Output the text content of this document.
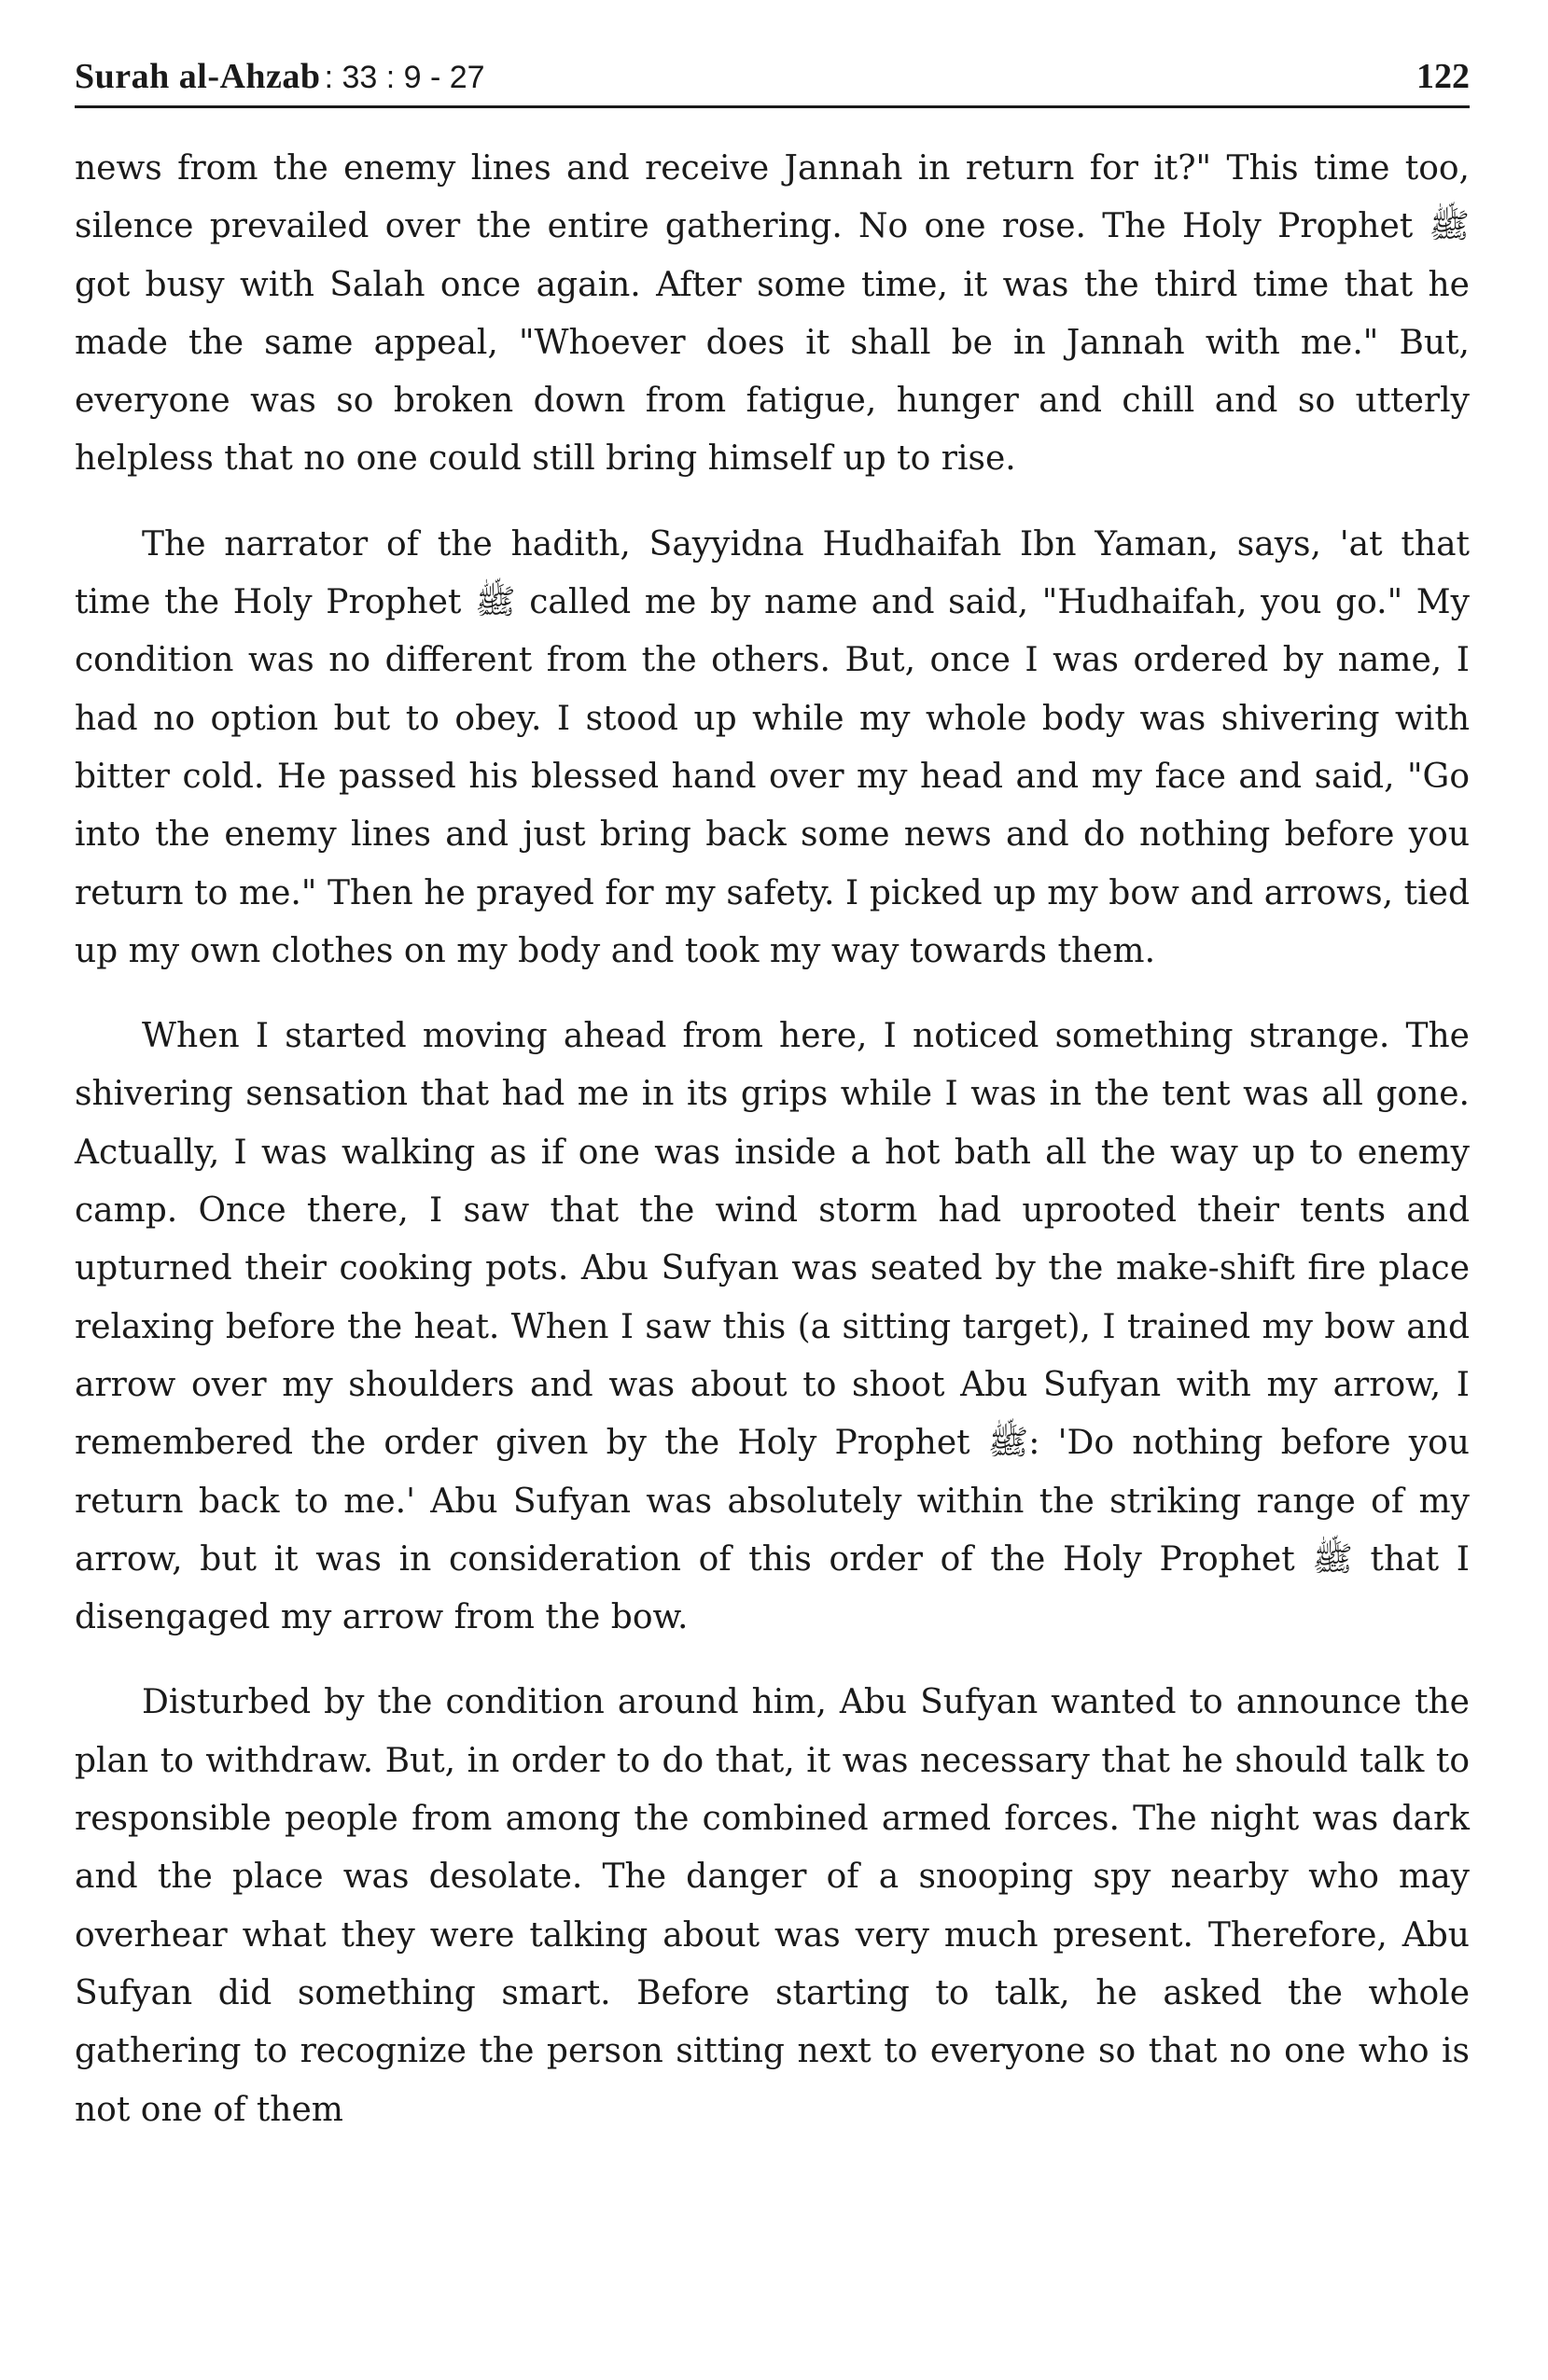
Surah al-Ahzab : 33 : 9 - 27	122

news from the enemy lines and receive Jannah in return for it?" This time too, silence prevailed over the entire gathering. No one rose. The Holy Prophet ﷺ got busy with Salah once again. After some time, it was the third time that he made the same appeal, "Whoever does it shall be in Jannah with me." But, everyone was so broken down from fatigue, hunger and chill and so utterly helpless that no one could still bring himself up to rise.

The narrator of the hadith, Sayyidna Hudhaifah Ibn Yaman, says, 'at that time the Holy Prophet ﷺ called me by name and said, "Hudhaifah, you go." My condition was no different from the others. But, once I was ordered by name, I had no option but to obey. I stood up while my whole body was shivering with bitter cold. He passed his blessed hand over my head and my face and said, "Go into the enemy lines and just bring back some news and do nothing before you return to me." Then he prayed for my safety. I picked up my bow and arrows, tied up my own clothes on my body and took my way towards them.

When I started moving ahead from here, I noticed something strange. The shivering sensation that had me in its grips while I was in the tent was all gone. Actually, I was walking as if one was inside a hot bath all the way up to enemy camp. Once there, I saw that the wind storm had uprooted their tents and upturned their cooking pots. Abu Sufyan was seated by the make-shift fire place relaxing before the heat. When I saw this (a sitting target), I trained my bow and arrow over my shoulders and was about to shoot Abu Sufyan with my arrow, I remembered the order given by the Holy Prophet ﷺ: 'Do nothing before you return back to me.' Abu Sufyan was absolutely within the striking range of my arrow, but it was in consideration of this order of the Holy Prophet ﷺ that I disengaged my arrow from the bow.

Disturbed by the condition around him, Abu Sufyan wanted to announce the plan to withdraw. But, in order to do that, it was necessary that he should talk to responsible people from among the combined armed forces. The night was dark and the place was desolate. The danger of a snooping spy nearby who may overhear what they were talking about was very much present. Therefore, Abu Sufyan did something smart. Before starting to talk, he asked the whole gathering to recognize the person sitting next to everyone so that no one who is not one of them
